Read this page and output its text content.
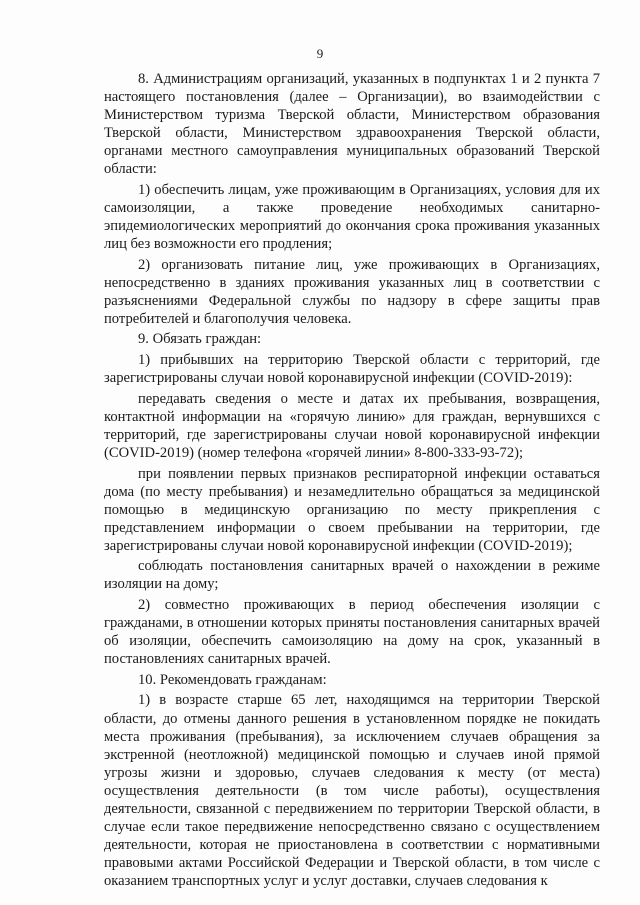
9

8. Администрациям организаций, указанных в подпунктах 1 и 2 пункта 7 настоящего постановления (далее – Организации), во взаимодействии с Министерством туризма Тверской области, Министерством образования Тверской области, Министерством здравоохранения Тверской области, органами местного самоуправления муниципальных образований Тверской области:

1) обеспечить лицам, уже проживающим в Организациях, условия для их самоизоляции, а также проведение необходимых санитарно-эпидемиологических мероприятий до окончания срока проживания указанных лиц без возможности его продления;

2) организовать питание лиц, уже проживающих в Организациях, непосредственно в зданиях проживания указанных лиц в соответствии с разъяснениями Федеральной службы по надзору в сфере защиты прав потребителей и благополучия человека.

9. Обязать граждан:

1) прибывших на территорию Тверской области с территорий, где зарегистрированы случаи новой коронавирусной инфекции (COVID-2019):

передавать сведения о месте и датах их пребывания, возвращения, контактной информации на «горячую линию» для граждан, вернувшихся с территорий, где зарегистрированы случаи новой коронавирусной инфекции (COVID-2019) (номер телефона «горячей линии» 8-800-333-93-72);

при появлении первых признаков респираторной инфекции оставаться дома (по месту пребывания) и незамедлительно обращаться за медицинской помощью в медицинскую организацию по месту прикрепления с представлением информации о своем пребывании на территории, где зарегистрированы случаи новой коронавирусной инфекции (COVID-2019);

соблюдать постановления санитарных врачей о нахождении в режиме изоляции на дому;

2) совместно проживающих в период обеспечения изоляции с гражданами, в отношении которых приняты постановления санитарных врачей об изоляции, обеспечить самоизоляцию на дому на срок, указанный в постановлениях санитарных врачей.

10. Рекомендовать гражданам:

1) в возрасте старше 65 лет, находящимся на территории Тверской области, до отмены данного решения в установленном порядке не покидать места проживания (пребывания), за исключением случаев обращения за экстренной (неотложной) медицинской помощью и случаев иной прямой угрозы жизни и здоровью, случаев следования к месту (от места) осуществления деятельности (в том числе работы), осуществления деятельности, связанной с передвижением по территории Тверской области, в случае если такое передвижение непосредственно связано с осуществлением деятельности, которая не приостановлена в соответствии с нормативными правовыми актами Российской Федерации и Тверской области, в том числе с оказанием транспортных услуг и услуг доставки, случаев следования к
